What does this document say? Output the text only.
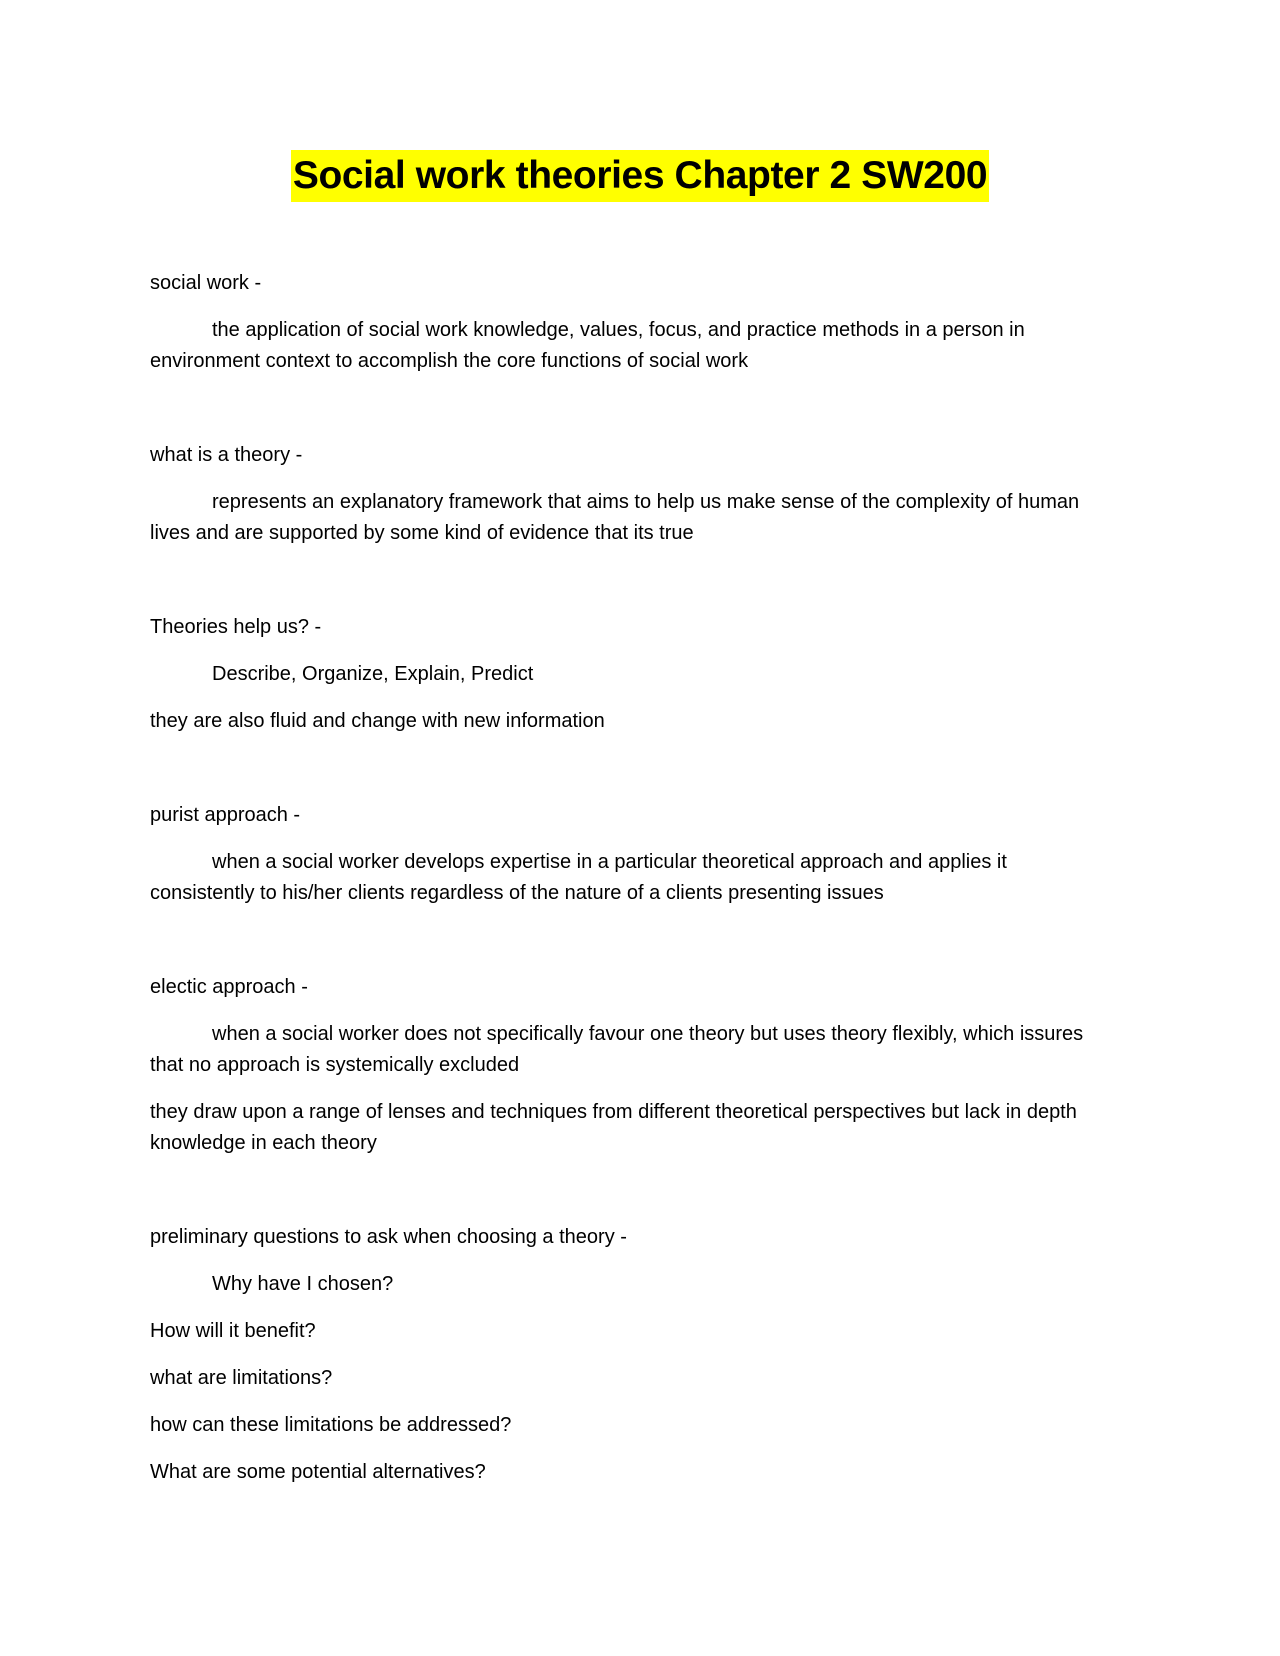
Social work theories Chapter 2 SW200

social work -

the application of social work knowledge, values, focus, and practice methods in a person in environment context to accomplish the core functions of social work

what is a theory -

represents an explanatory framework that aims to help us make sense of the complexity of human lives and are supported by some kind of evidence that its true

Theories help us? -

Describe, Organize, Explain, Predict

they are also fluid and change with new information

purist approach -

when a social worker develops expertise in a particular theoretical approach and applies it consistently to his/her clients regardless of the nature of a clients presenting issues

electic approach -

when a social worker does not specifically favour one theory but uses theory flexibly, which issures that no approach is systemically excluded

they draw upon a range of lenses and techniques from different theoretical perspectives but lack in depth knowledge in each theory

preliminary questions to ask when choosing a theory -

Why have I chosen?

How will it benefit?

what are limitations?

how can these limitations be addressed?

What are some potential alternatives?
